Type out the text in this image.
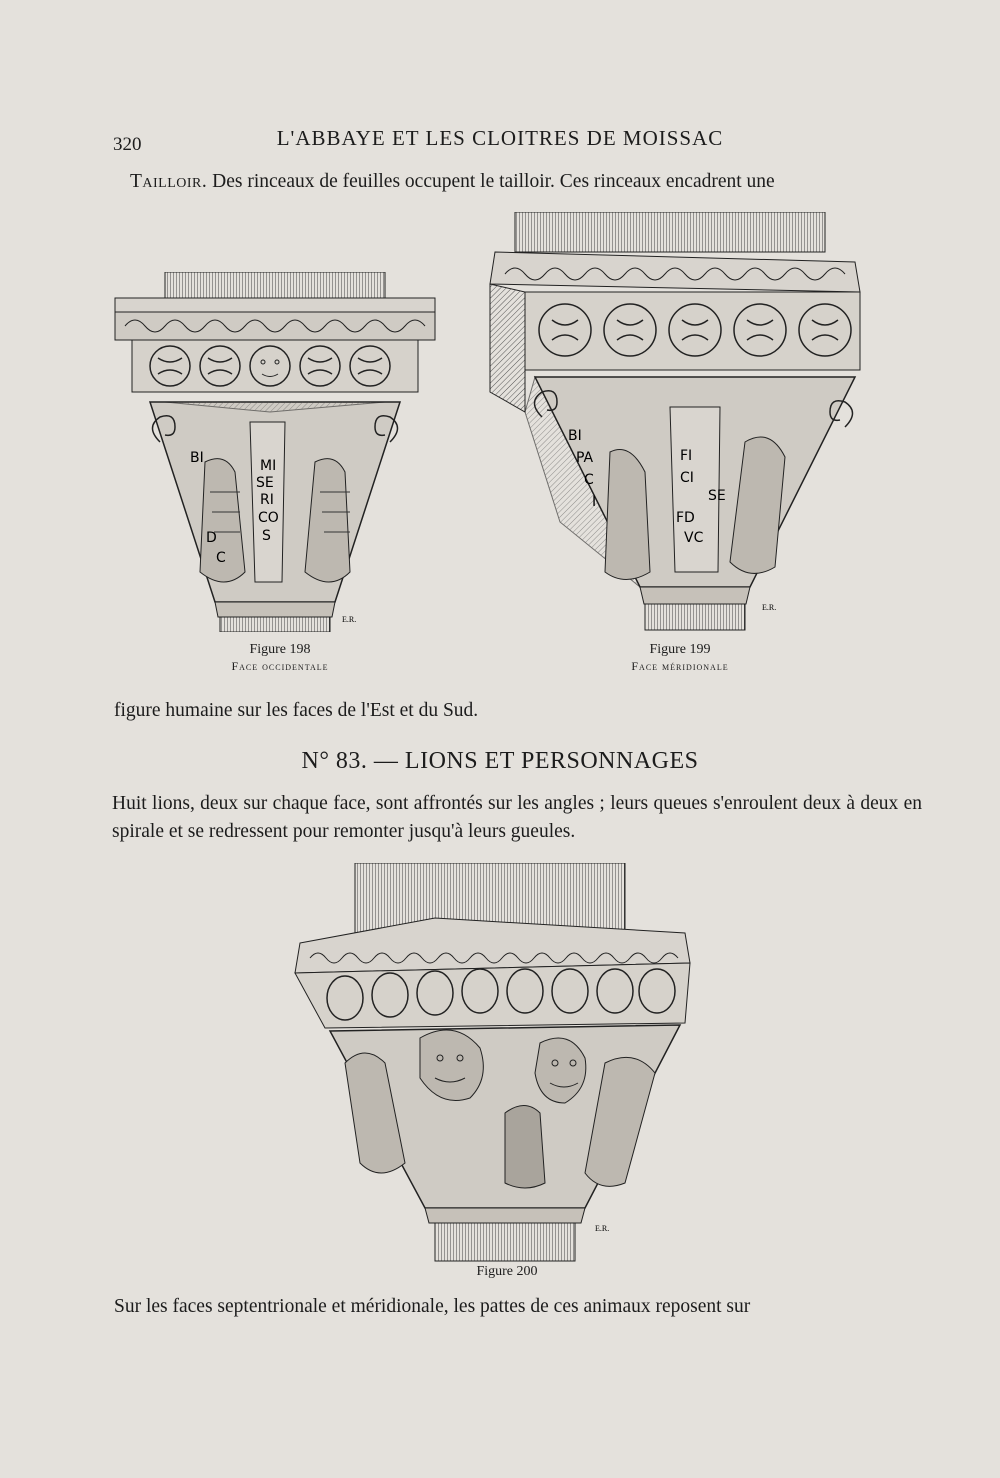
320	L'ABBAYE ET LES CLOITRES DE MOISSAC
Tailloir. Des rinceaux de feuilles occupent le tailloir. Ces rinceaux encadrent une
MI
SE
RI
CO
S
BI
D
C
E.R.
Figure 198
Face occidentale
FI
CI
SE
FD
VC
BI
PA
C
I
E.R.
Figure 199
Face méridionale
figure humaine sur les faces de l'Est et du Sud.
N° 83. — LIONS ET PERSONNAGES
Huit lions, deux sur chaque face, sont affrontés sur les angles ; leurs queues s'enroulent deux à deux en spirale et se redressent pour remonter jusqu'à leurs gueules.
E.R.
Figure 200
Sur les faces septentrionale et méridionale, les pattes de ces animaux reposent sur
